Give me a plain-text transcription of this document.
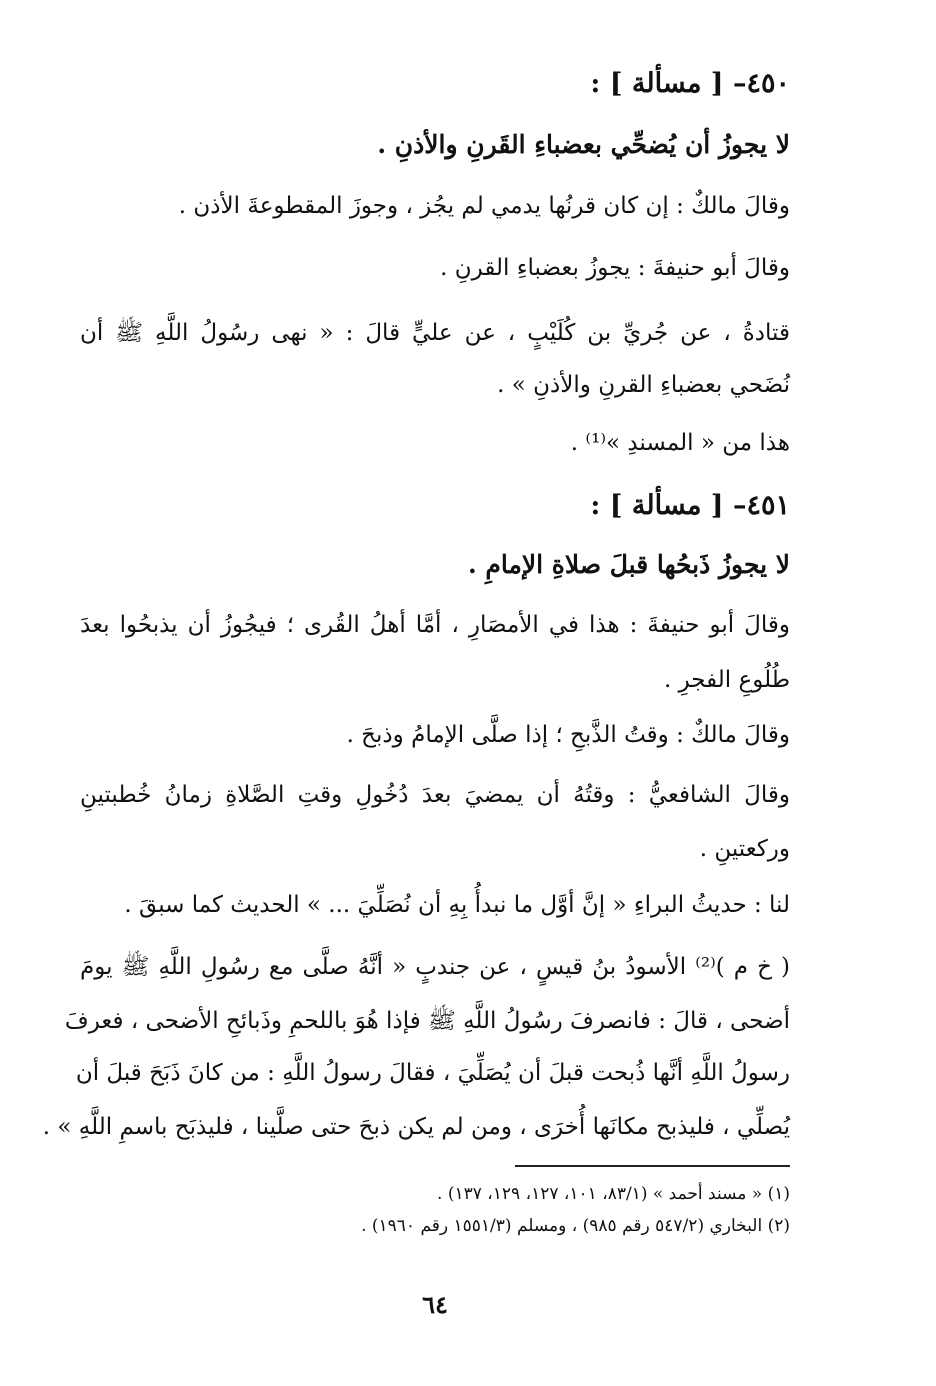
٤٥٠– [ مسألة ] :
لا يجوزُ أن يُضحِّي بعضباءِ القَرنِ والأذنِ .
وقالَ مالكٌ : إن كان قرنُها يدمي لم يجُز ، وجوزَ المقطوعةَ الأذن .
وقالَ أبو حنيفةَ : يجوزُ بعضباءِ القرنِ .
قتادةُ ، عن جُريِّ بن كُلَيْبٍ ، عن عليٍّ قالَ : « نهى رسُولُ اللَّهِ ﷺ أن
نُضَحي بعضباءِ القرنِ والأذنِ » .
هذا من « المسندِ »⁽¹⁾ .
٤٥١– [ مسألة ] :
لا يجوزُ ذَبحُها قبلَ صلاةِ الإمامِ .
وقالَ أبو حنيفةَ : هذا في الأمصَارِ ، أمَّا أهلُ القُرى ؛ فيجُوزُ أن يذبحُوا بعدَ
طُلُوعِ الفجرِ .
وقالَ مالكٌ : وقتُ الذَّبحِ ؛ إذا صلَّى الإمامُ وذبحَ .
وقالَ الشافعيُّ : وقتُهُ أن يمضيَ بعدَ دُخُولِ وقتِ الصَّلاةِ زمانُ خُطبتينِ
وركعتينِ .
لنا : حديثُ البراءِ « إنَّ أوَّل ما نبدأُ بِهِ أن نُصَلِّيَ ... » الحديث كما سبقَ .
( خ م )⁽²⁾ الأسودُ بنُ قيسٍ ، عن جندبٍ « أنَّهُ صلَّى مع رسُولِ اللَّهِ ﷺ يومَ
أضحى ، قالَ : فانصرفَ رسُولُ اللَّهِ ﷺ فإذا هُوَ باللحمِ وذَبائحِ الأضحى ، فعرفَ
رسولُ اللَّهِ أنَّها ذُبحت قبلَ أن يُصَلِّيَ ، فقالَ رسولُ اللَّهِ : من كانَ ذَبَحَ قبلَ أن
يُصلِّي ، فليذبح مكانَها أُخرَى ، ومن لم يكن ذبحَ حتى صلَّينا ، فليذبَح باسمِ اللَّهِ » .
(١) « مسند أحمد » (٨٣/١، ١٠١، ١٢٧، ١٢٩، ١٣٧) .
(٢) البخاري (٥٤٧/٢ رقم ٩٨٥) ، ومسلم (١٥٥١/٣ رقم ١٩٦٠) .
٦٤
